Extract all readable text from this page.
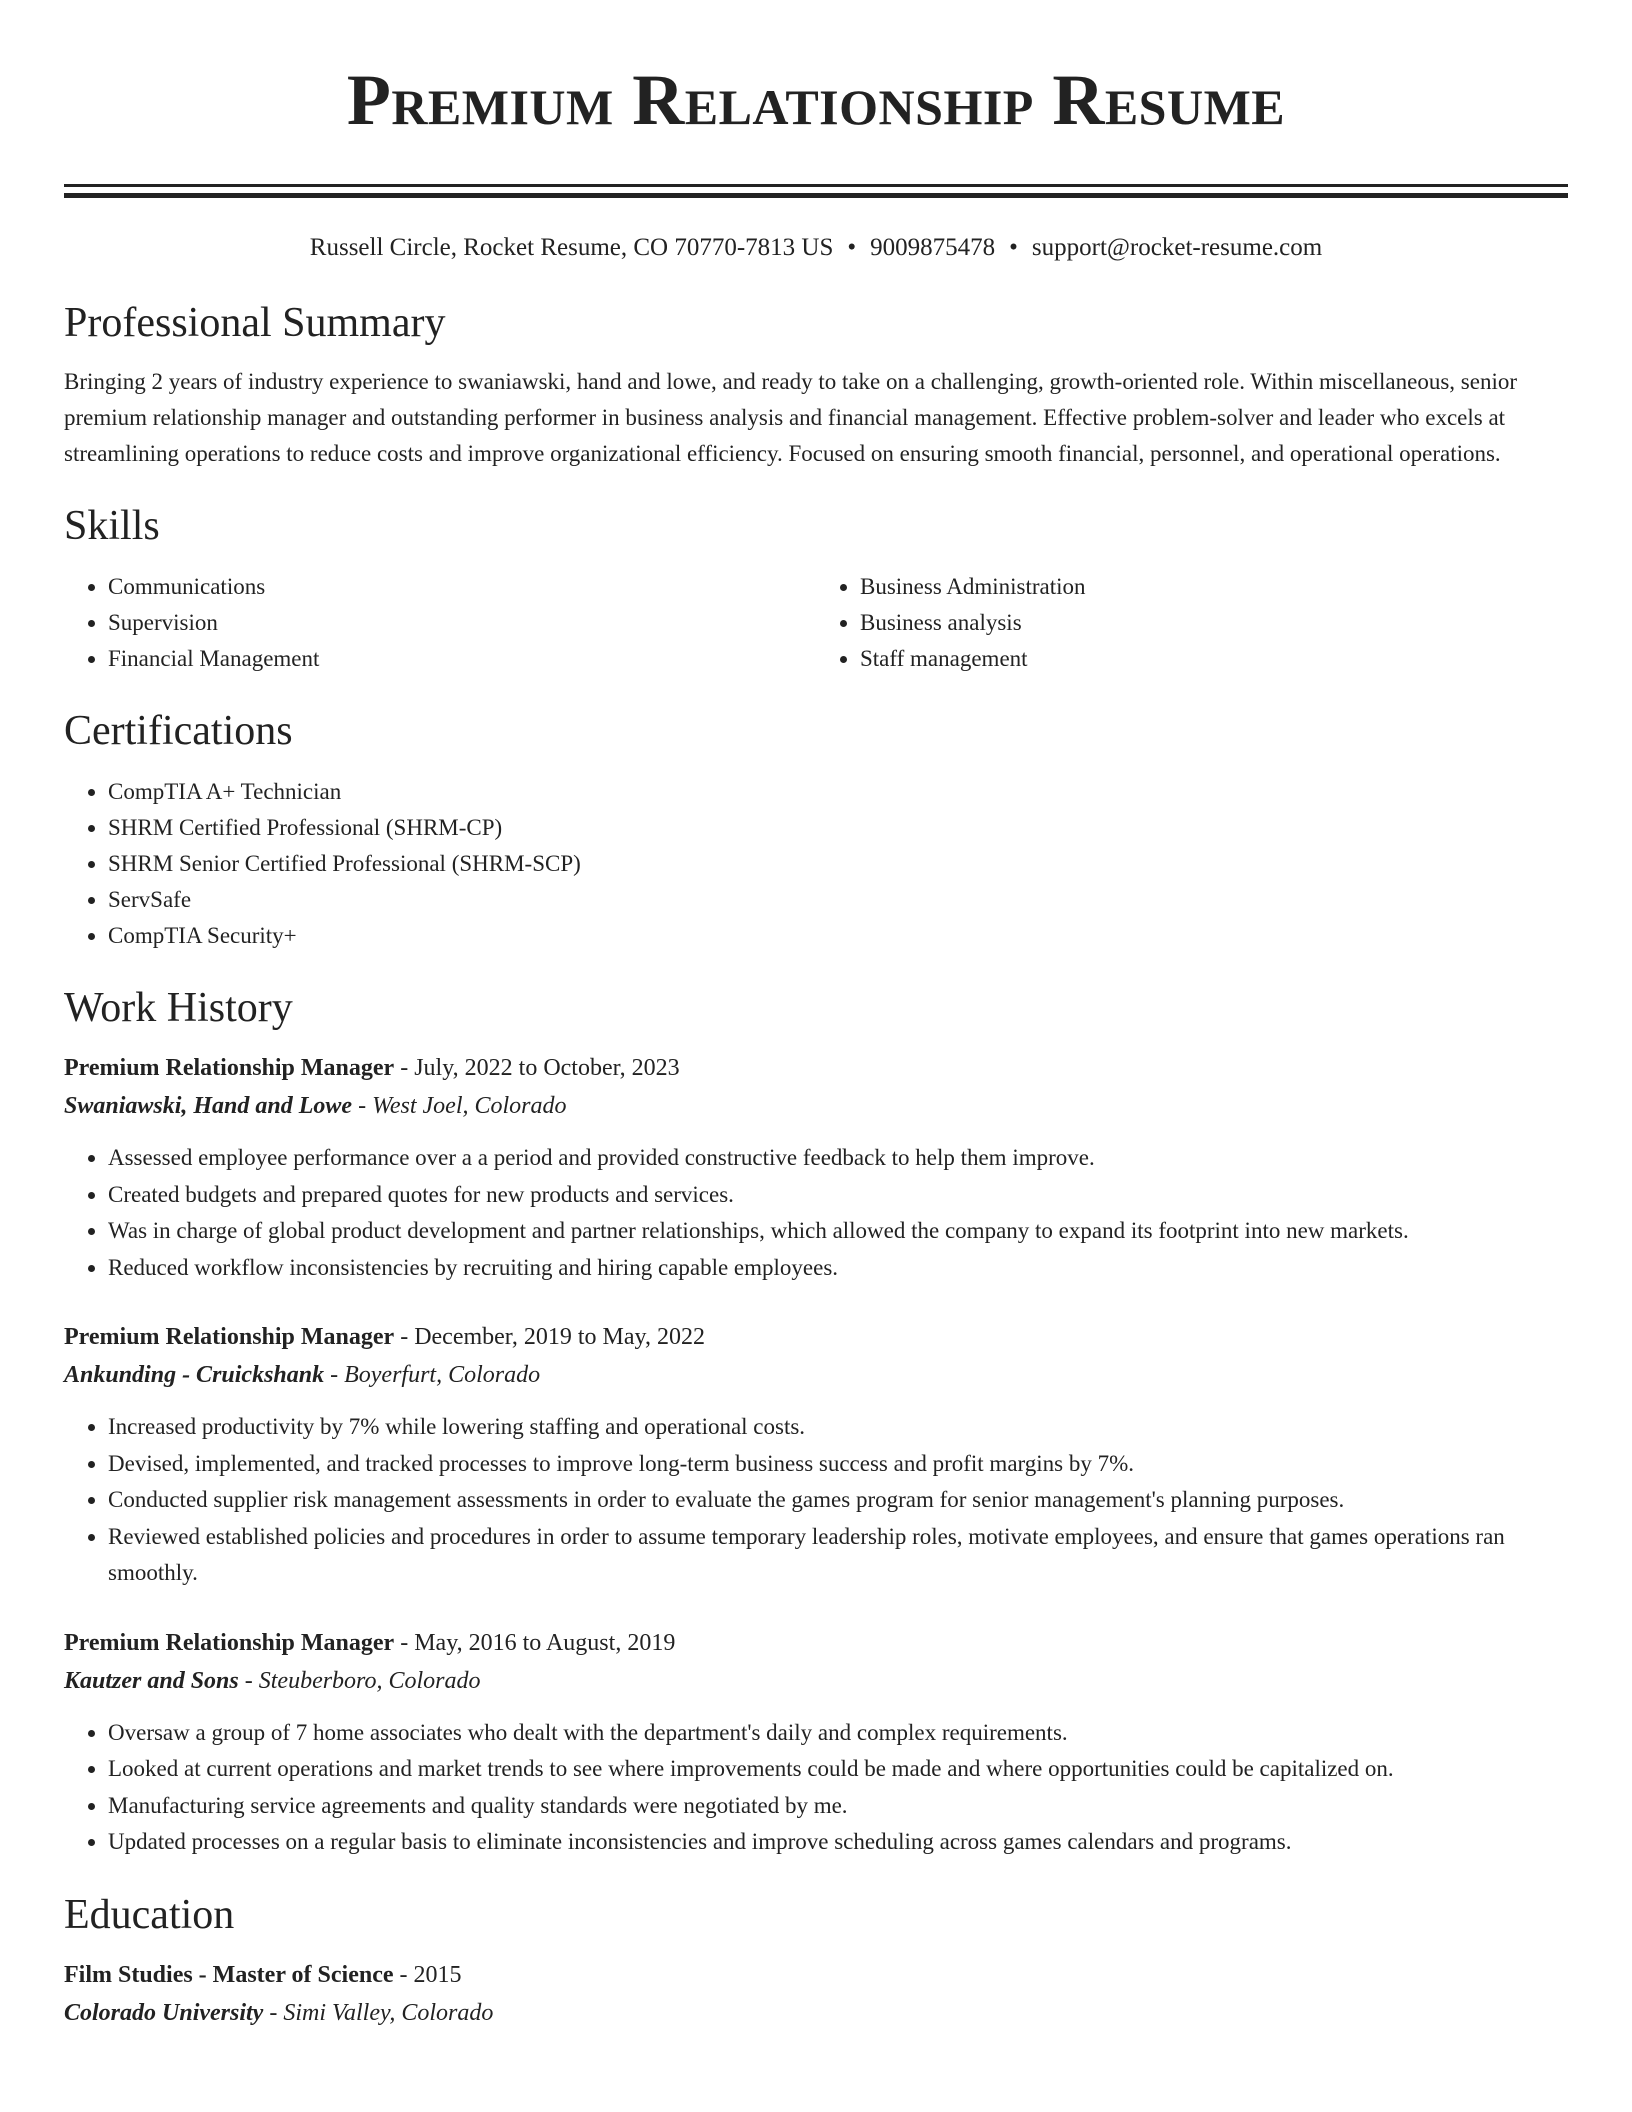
Premium Relationship Resume
Russell Circle, Rocket Resume, CO 70770-7813 US • 9009875478 • support@rocket-resume.com
Professional Summary
Bringing 2 years of industry experience to swaniawski, hand and lowe, and ready to take on a challenging, growth-oriented role. Within miscellaneous, senior premium relationship manager and outstanding performer in business analysis and financial management. Effective problem-solver and leader who excels at streamlining operations to reduce costs and improve organizational efficiency. Focused on ensuring smooth financial, personnel, and operational operations.
Skills
• Communications
• Supervision
• Financial Management
• Business Administration
• Business analysis
• Staff management
Certifications
• CompTIA A+ Technician
• SHRM Certified Professional (SHRM-CP)
• SHRM Senior Certified Professional (SHRM-SCP)
• ServSafe
• CompTIA Security+
Work History
Premium Relationship Manager - July, 2022 to October, 2023
Swaniawski, Hand and Lowe - West Joel, Colorado
• Assessed employee performance over a a period and provided constructive feedback to help them improve.
• Created budgets and prepared quotes for new products and services.
• Was in charge of global product development and partner relationships, which allowed the company to expand its footprint into new markets.
• Reduced workflow inconsistencies by recruiting and hiring capable employees.
Premium Relationship Manager - December, 2019 to May, 2022
Ankunding - Cruickshank - Boyerfurt, Colorado
• Increased productivity by 7% while lowering staffing and operational costs.
• Devised, implemented, and tracked processes to improve long-term business success and profit margins by 7%.
• Conducted supplier risk management assessments in order to evaluate the games program for senior management's planning purposes.
• Reviewed established policies and procedures in order to assume temporary leadership roles, motivate employees, and ensure that games operations ran smoothly.
Premium Relationship Manager - May, 2016 to August, 2019
Kautzer and Sons - Steuberboro, Colorado
• Oversaw a group of 7 home associates who dealt with the department's daily and complex requirements.
• Looked at current operations and market trends to see where improvements could be made and where opportunities could be capitalized on.
• Manufacturing service agreements and quality standards were negotiated by me.
• Updated processes on a regular basis to eliminate inconsistencies and improve scheduling across games calendars and programs.
Education
Film Studies - Master of Science - 2015
Colorado University - Simi Valley, Colorado
